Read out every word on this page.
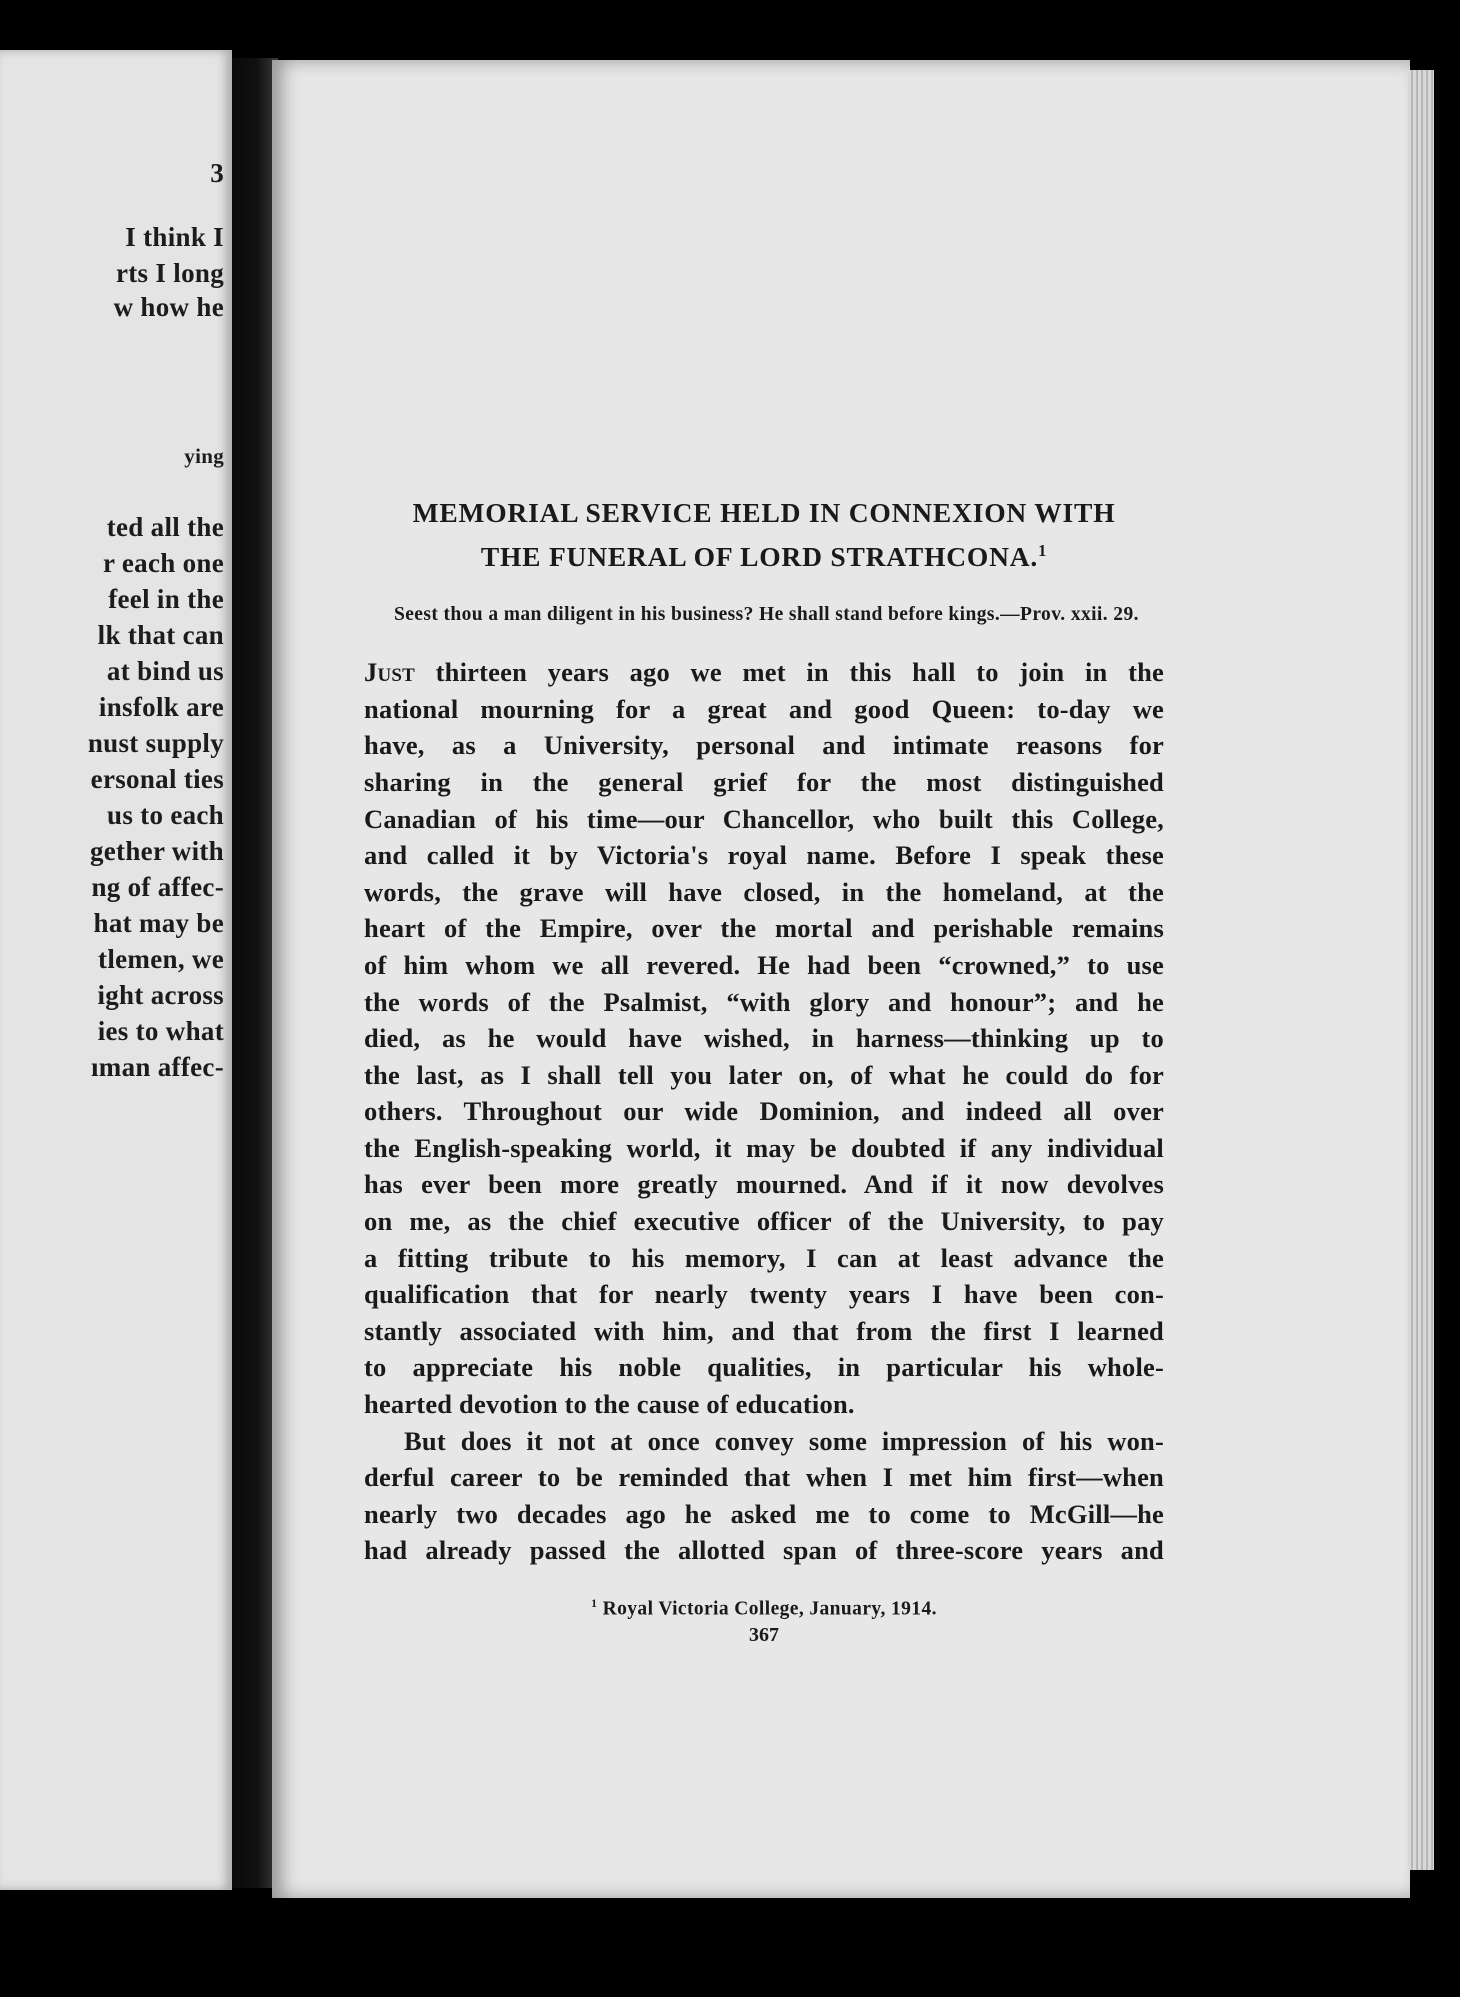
3
I think I
rts I long
w how he
ying
ted all the
r each one
feel in the
lk that can
at bind us
insfolk are
nust supply
ersonal ties
us to each
gether with
ng of affec-
hat may be
tlemen, we
ight across
ies to what
ıman affec-
MEMORIAL SERVICE HELD IN CONNEXION WITH
THE FUNERAL OF LORD STRATHCONA.$^1$

Seest thou a man diligent in his business? He shall stand before kings.—Prov. xxii. 29.

Just thirteen years ago we met in this hall to join in the
national mourning for a great and good Queen: to-day we
have, as a University, personal and intimate reasons for
sharing in the general grief for the most distinguished
Canadian of his time—our Chancellor, who built this College,
and called it by Victoria's royal name. Before I speak these
words, the grave will have closed, in the homeland, at the
heart of the Empire, over the mortal and perishable remains
of him whom we all revered. He had been “crowned,” to use
the words of the Psalmist, “with glory and honour”; and he
died, as he would have wished, in harness—thinking up to
the last, as I shall tell you later on, of what he could do for
others. Throughout our wide Dominion, and indeed all over
the English-speaking world, it may be doubted if any individual
has ever been more greatly mourned. And if it now devolves
on me, as the chief executive officer of the University, to pay
a fitting tribute to his memory, I can at least advance the
qualification that for nearly twenty years I have been con-
stantly associated with him, and that from the first I learned
to appreciate his noble qualities, in particular his whole-
hearted devotion to the cause of education.
But does it not at once convey some impression of his won-
derful career to be reminded that when I met him first—when
nearly two decades ago he asked me to come to McGill—he
had already passed the allotted span of three-score years and
$^1$ Royal Victoria College, January, 1914.
367
